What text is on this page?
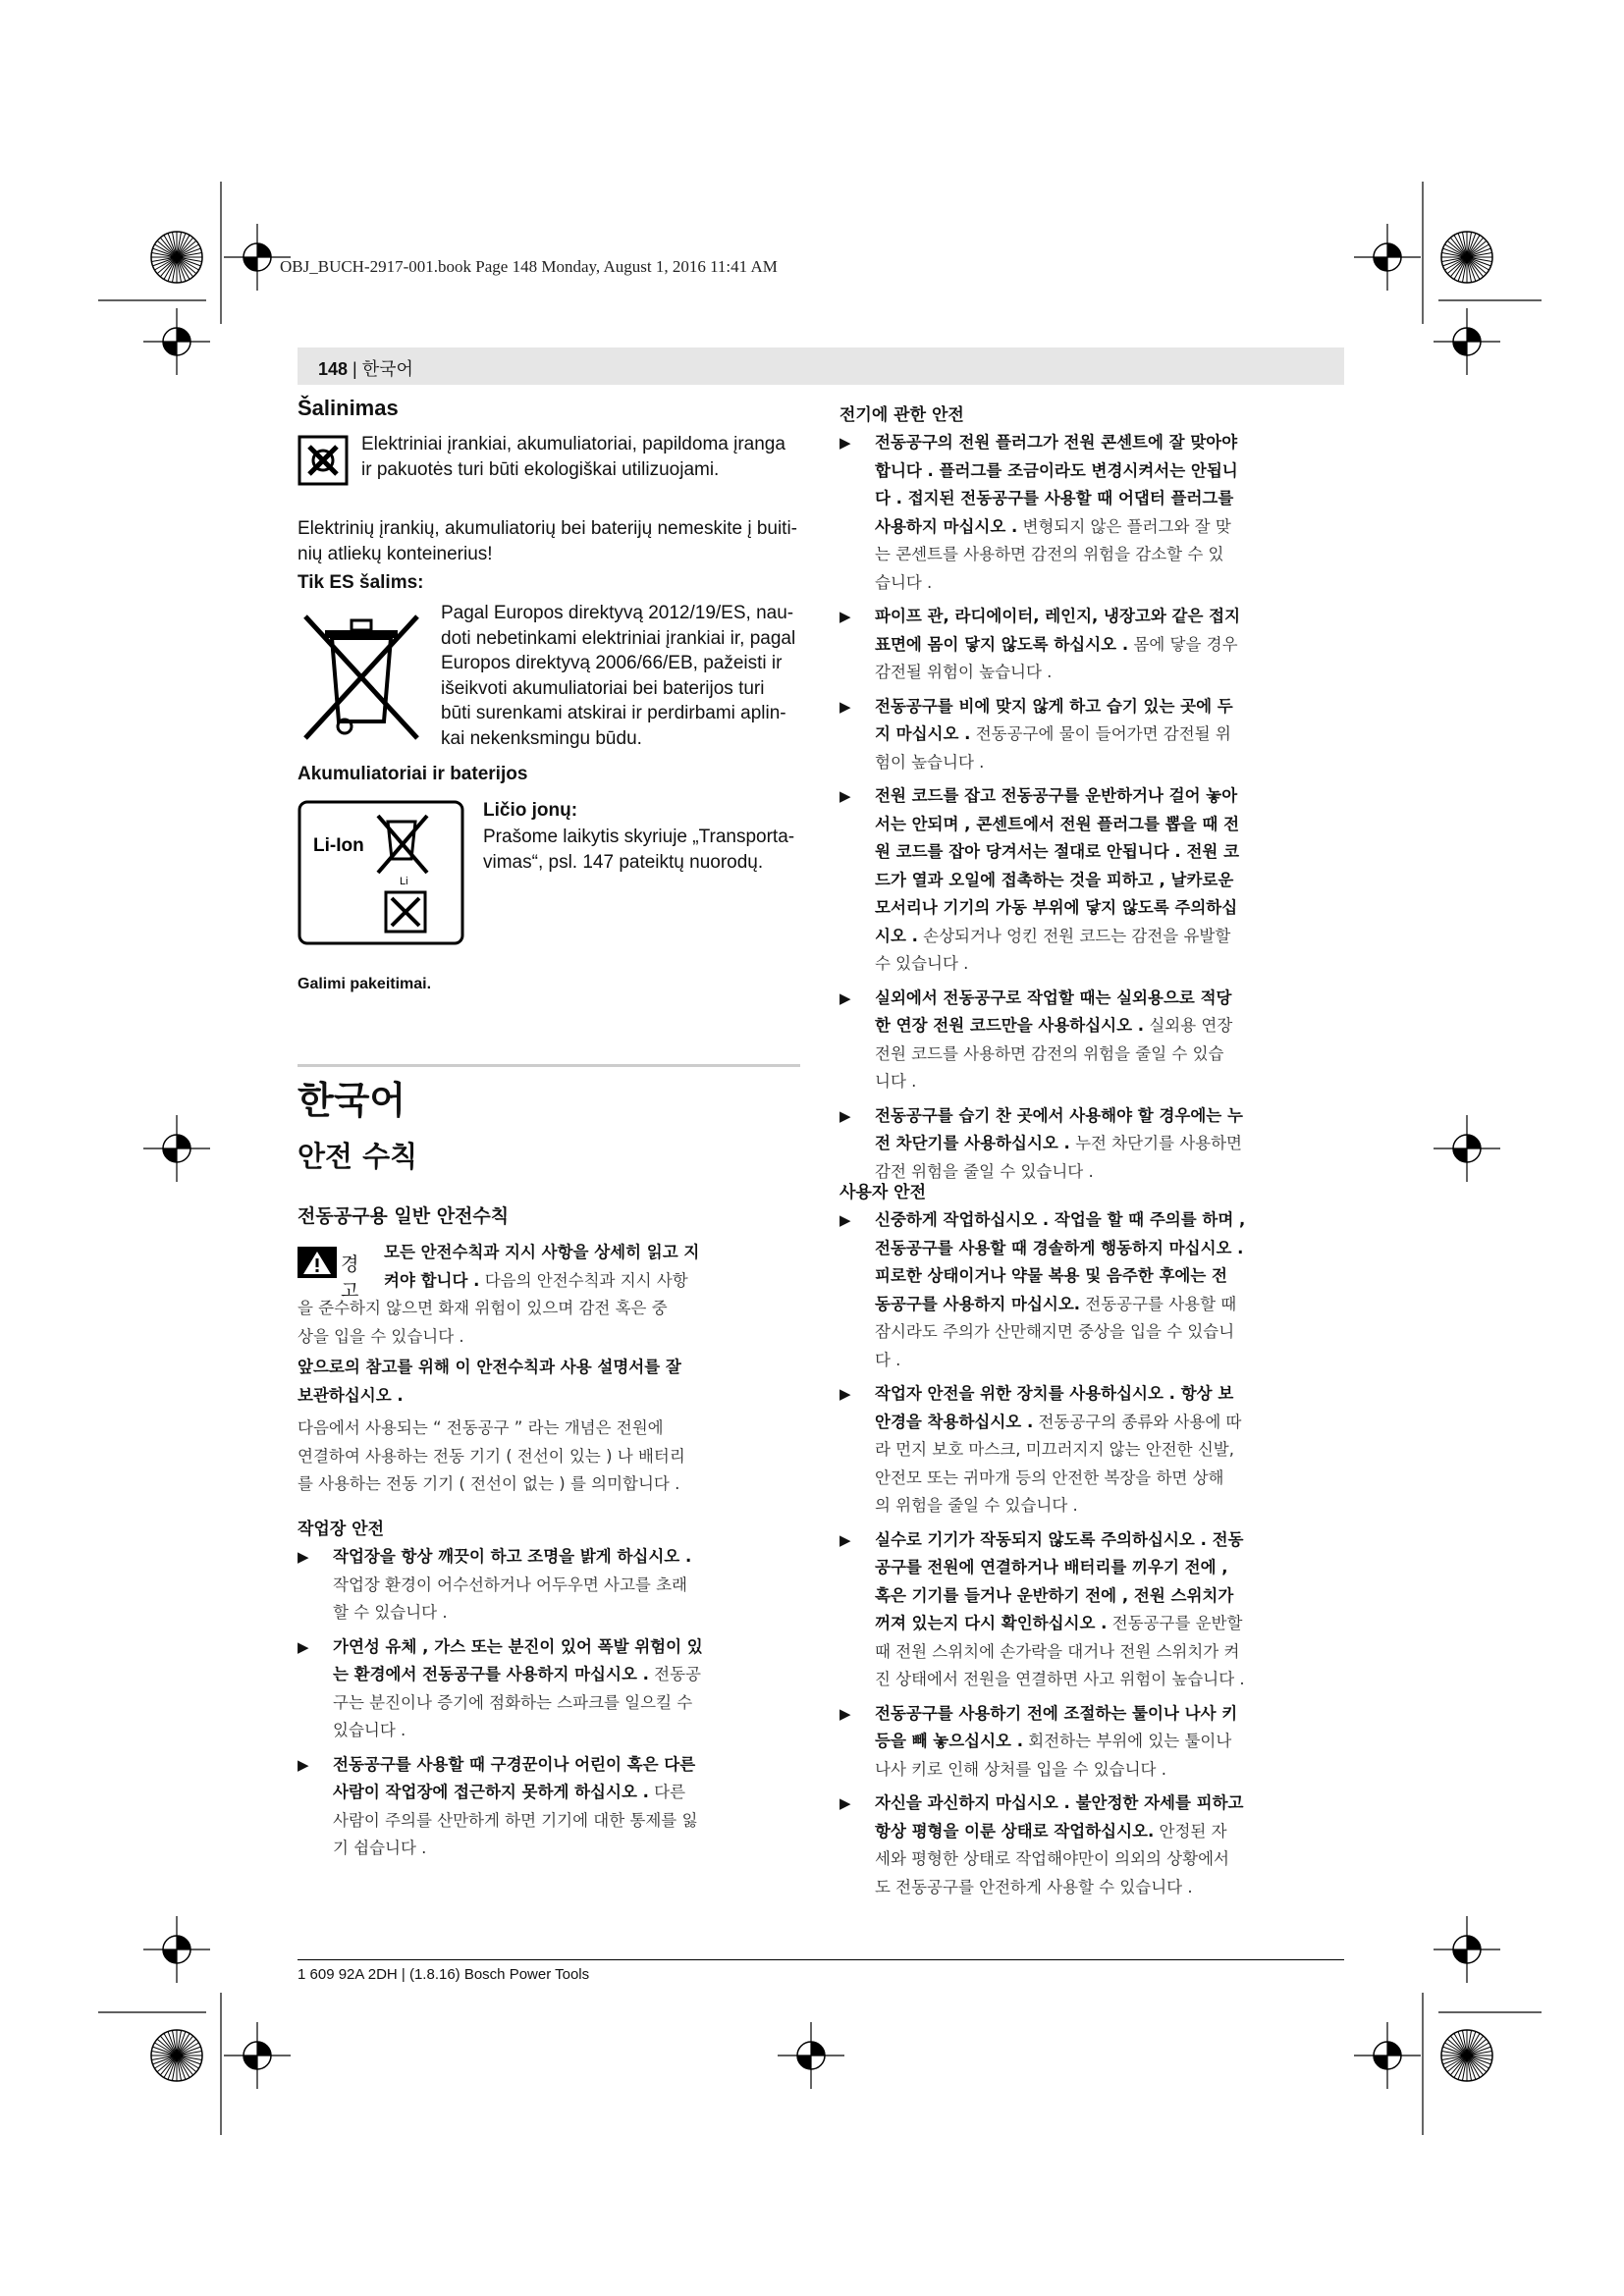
OBJ_BUCH-2917-001.book Page 148 Monday, August 1, 2016 11:41 AM
148 | 한국어
Šalinimas
Elektriniai įrankiai, akumuliatoriai, papildoma įranga
ir pakuotės turi būti ekologiškai utilizuojami.
Elektrinių įrankių, akumuliatorių bei baterijų nemeskite į buiti-
nių atliekų konteinerius!
Tik ES šalims:
Pagal Europos direktyvą 2012/19/ES, nau-
doti nebetinkami elektriniai įrankiai ir, pagal
Europos direktyvą 2006/66/EB, pažeisti ir
išeikvoti akumuliatoriai bei baterijos turi
būti surenkami atskirai ir perdirbami aplin-
kai nekenksmingu būdu.
Akumuliatoriai ir baterijos
Li-Ion
Li
Ličio jonų:
Prašome laikytis skyriuje „Transporta-
vimas“, psl. 147 pateiktų nuorodų.
Galimi pakeitimai.
한국어
안전 수칙
전동공구용 일반 안전수칙
경고
모든 안전수칙과 지시 사항을 상세히 읽고 지
켜야 합니다 . 다음의 안전수칙과 지시 사항
을 준수하지 않으면 화재 위험이 있으며 감전 혹은 중
상을 입을 수 있습니다 .
앞으로의 참고를 위해 이 안전수칙과 사용 설명서를 잘
보관하십시오 .
다음에서 사용되는 “ 전동공구 ” 라는 개념은 전원에
연결하여 사용하는 전동 기기 ( 전선이 있는 ) 나 배터리
를 사용하는 전동 기기 ( 전선이 없는 ) 를 의미합니다 .
작업장 안전
▶ 작업장을 항상 깨끗이 하고 조명을 밝게 하십시오 .
작업장 환경이 어수선하거나 어두우면 사고를 초래
할 수 있습니다 .
▶ 가연성 유체 , 가스 또는 분진이 있어 폭발 위험이 있
는 환경에서 전동공구를 사용하지 마십시오 . 전동공
구는 분진이나 증기에 점화하는 스파크를 일으킬 수
있습니다 .
▶ 전동공구를 사용할 때 구경꾼이나 어린이 혹은 다른
사람이 작업장에 접근하지 못하게 하십시오 . 다른
사람이 주의를 산만하게 하면 기기에 대한 통제를 잃
기 쉽습니다 .
전기에 관한 안전
▶ 전동공구의 전원 플러그가 전원 콘센트에 잘 맞아야
합니다 . 플러그를 조금이라도 변경시켜서는 안됩니
다 . 접지된 전동공구를 사용할 때 어댑터 플러그를
사용하지 마십시오 . 변형되지 않은 플러그와 잘 맞
는 콘센트를 사용하면 감전의 위험을 감소할 수 있
습니다 .
▶ 파이프 관, 라디에이터, 레인지, 냉장고와 같은 접지
표면에 몸이 닿지 않도록 하십시오 . 몸에 닿을 경우
감전될 위험이 높습니다 .
▶ 전동공구를 비에 맞지 않게 하고 습기 있는 곳에 두
지 마십시오 . 전동공구에 물이 들어가면 감전될 위
험이 높습니다 .
▶ 전원 코드를 잡고 전동공구를 운반하거나 걸어 놓아
서는 안되며 , 콘센트에서 전원 플러그를 뽑을 때 전
원 코드를 잡아 당겨서는 절대로 안됩니다 . 전원 코
드가 열과 오일에 접촉하는 것을 피하고 , 날카로운
모서리나 기기의 가동 부위에 닿지 않도록 주의하십
시오 . 손상되거나 엉킨 전원 코드는 감전을 유발할
수 있습니다 .
▶ 실외에서 전동공구로 작업할 때는 실외용으로 적당
한 연장 전원 코드만을 사용하십시오 . 실외용 연장
전원 코드를 사용하면 감전의 위험을 줄일 수 있습
니다 .
▶ 전동공구를 습기 찬 곳에서 사용해야 할 경우에는 누
전 차단기를 사용하십시오 . 누전 차단기를 사용하면
감전 위험을 줄일 수 있습니다 .
사용자 안전
▶ 신중하게 작업하십시오 . 작업을 할 때 주의를 하며 ,
전동공구를 사용할 때 경솔하게 행동하지 마십시오 .
피로한 상태이거나 약물 복용 및 음주한 후에는 전
동공구를 사용하지 마십시오. 전동공구를 사용할 때
잠시라도 주의가 산만해지면 중상을 입을 수 있습니
다 .
▶ 작업자 안전을 위한 장치를 사용하십시오 . 항상 보
안경을 착용하십시오 . 전동공구의 종류와 사용에 따
라 먼지 보호 마스크, 미끄러지지 않는 안전한 신발,
안전모 또는 귀마개 등의 안전한 복장을 하면 상해
의 위험을 줄일 수 있습니다 .
▶ 실수로 기기가 작동되지 않도록 주의하십시오 . 전동
공구를 전원에 연결하거나 배터리를 끼우기 전에 ,
혹은 기기를 들거나 운반하기 전에 , 전원 스위치가
꺼져 있는지 다시 확인하십시오 . 전동공구를 운반할
때 전원 스위치에 손가락을 대거나 전원 스위치가 켜
진 상태에서 전원을 연결하면 사고 위험이 높습니다 .
▶ 전동공구를 사용하기 전에 조절하는 툴이나 나사 키
등을 빼 놓으십시오 . 회전하는 부위에 있는 툴이나
나사 키로 인해 상처를 입을 수 있습니다 .
▶ 자신을 과신하지 마십시오 . 불안정한 자세를 피하고
항상 평형을 이룬 상태로 작업하십시오. 안정된 자
세와 평형한 상태로 작업해야만이 의외의 상황에서
도 전동공구를 안전하게 사용할 수 있습니다 .
1 609 92A 2DH | (1.8.16) Bosch Power Tools
